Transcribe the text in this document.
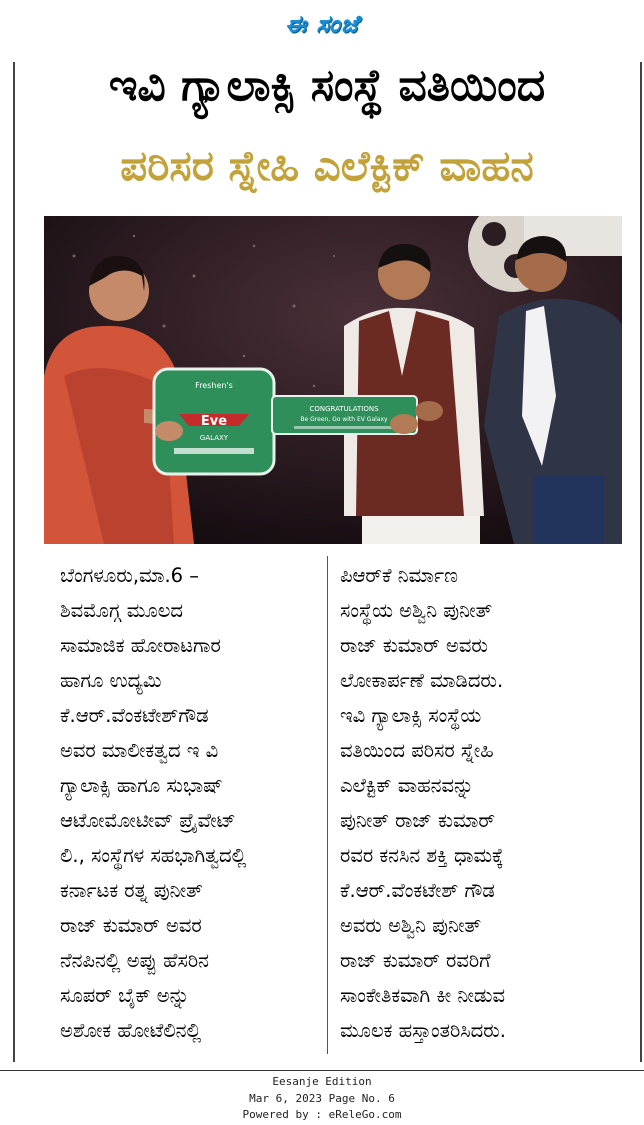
ಈ ಸಂಜೆ
ಇವಿ ಗ್ಯಾಲಾಕ್ಸಿ ಸಂಸ್ಥೆ ವತಿಯಿಂದ
ಪರಿಸರ ಸ್ನೇಹಿ ಎಲೆಕ್ಟಿಕ್ ವಾಹನ
Freshen's
Eve
GALAXY
CONGRATULATIONS
Be Green, Go with EV Galaxy
ಬೆಂಗಳೂರು,ಮಾ.6 –
ಶಿವಮೊಗ್ಗ ಮೂಲದ
ಸಾಮಾಜಿಕ ಹೋರಾಟಗಾರ
ಹಾಗೂ ಉದ್ಯಮಿ
ಕೆ.ಆರ್.ವೆಂಕಟೇಶ್‌ಗೌಡ
ಅವರ ಮಾಲೀಕತ್ವದ ಇ ವಿ
ಗ್ಯಾಲಾಕ್ಸಿ ಹಾಗೂ ಸುಭಾಷ್
ಆಟೋಮೋಟೀವ್ ಪ್ರೈವೇಟ್
ಲಿ., ಸಂಸ್ಥೆಗಳ ಸಹಭಾಗಿತ್ವದಲ್ಲಿ
ಕರ್ನಾಟಕ ರತ್ನ ಪುನೀತ್
ರಾಜ್ ಕುಮಾರ್ ಅವರ
ನೆನಪಿನಲ್ಲಿ ಅಪ್ಪು ಹೆಸರಿನ
ಸೂಪರ್ ಬೈಕ್ ಅನ್ನು
ಅಶೋಕ ಹೋಟೆಲಿನಲ್ಲಿ
ಪಿಆರ್‌ಕೆ ನಿರ್ಮಾಣ
ಸಂಸ್ಥೆಯ ಅಶ್ವಿನಿ ಪುನೀತ್
ರಾಜ್ ಕುಮಾರ್ ಅವರು
ಲೋಕಾರ್ಪಣೆ ಮಾಡಿದರು.
ಇವಿ ಗ್ಯಾಲಾಕ್ಸಿ ಸಂಸ್ಥೆಯ
ವತಿಯಿಂದ ಪರಿಸರ ಸ್ನೇಹಿ
ಎಲೆಕ್ಟಿಕ್ ವಾಹನವನ್ನು
ಪುನೀತ್ ರಾಜ್ ಕುಮಾರ್
ರವರ ಕನಸಿನ ಶಕ್ತಿ ಧಾಮಕ್ಕೆ
ಕೆ.ಆರ್.ವೆಂಕಟೇಶ್ ಗೌಡ
ಅವರು ಅಶ್ವಿನಿ ಪುನೀತ್
ರಾಜ್ ಕುಮಾರ್ ರವರಿಗೆ
ಸಾಂಕೇತಿಕವಾಗಿ ಕೀ ನೀಡುವ
ಮೂಲಕ ಹಸ್ತಾಂತರಿಸಿದರು.
Eesanje Edition
Mar 6, 2023 Page No. 6
Powered by : eReleGo.com
